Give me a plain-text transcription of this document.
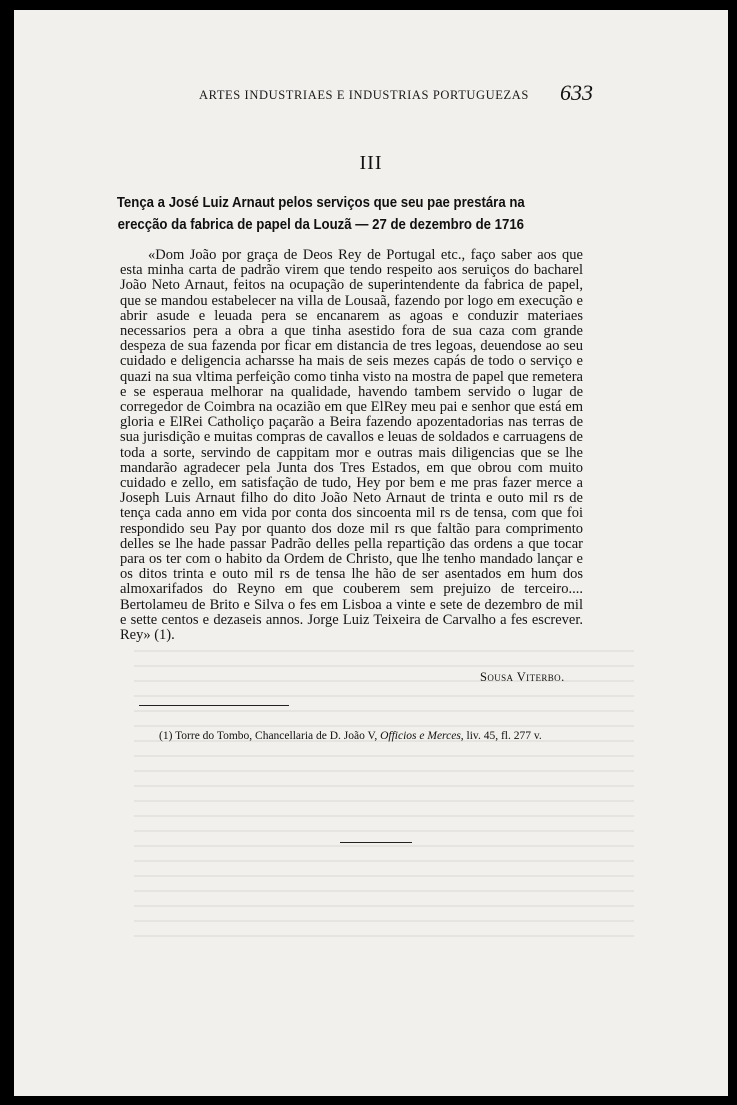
ARTES INDUSTRIAES E INDUSTRIAS PORTUGUEZAS 633
III
Tença a José Luiz Arnaut pelos serviços que seu pae prestára na erecção da fabrica de papel da Louzã — 27 de dezembro de 1716

«Dom João por graça de Deos Rey de Portugal etc., faço saber aos que esta minha carta de padrão virem que tendo respeito aos seruiços do bacharel João Neto Arnaut, feitos na ocupação de superintendente da fabrica de papel, que se mandou estabelecer na villa de Lousaã, fazendo por logo em execução e abrir asude e leuada pera se encanarem as agoas e conduzir materiaes necessarios pera a obra a que tinha asestido fora de sua caza com grande despeza de sua fazenda por ficar em distancia de tres legoas, deuendose ao seu cuidado e deligencia acharsse ha mais de seis mezes capás de todo o serviço e quazi na sua vltima perfeição como tinha visto na mostra de papel que remetera e se esperaua melhorar na qualidade, havendo tambem servido o lugar de corregedor de Coimbra na ocazião em que ElRey meu pai e senhor que está em gloria e ElRei Catholiço paçarão a Beira fazendo apozentadorias nas terras de sua jurisdição e muitas compras de cavallos e leuas de soldados e carruagens de toda a sorte, servindo de cappitam mor e outras mais diligencias que se lhe mandarão agradecer pela Junta dos Tres Estados, em que obrou com muito cuidado e zello, em satisfação de tudo, Hey por bem e me pras fazer merce a Joseph Luis Arnaut filho do dito João Neto Arnaut de trinta e outo mil rs de tença cada anno em vida por conta dos sincoenta mil rs de tensa, com que foi respondido seu Pay por quanto dos doze mil rs que faltão para comprimento delles se lhe hade passar Padrão delles pella repartição das ordens a que tocar para os ter com o habito da Ordem de Christo, que lhe tenho mandado lançar e os ditos trinta e outo mil rs de tensa lhe hão de ser asentados em hum dos almoxarifados do Reyno em que couberem sem prejuizo de terceiro.... Bertolameu de Brito e Silva o fes em Lisboa a vinte e sete de dezembro de mil e sette centos e dezaseis annos. Jorge Luiz Teixeira de Carvalho a fes escrever. Rey» (1).

Sousa Viterbo.
(1) Torre do Tombo, Chancellaria de D. João V, Officios e Merces, liv. 45, fl. 277 v.
